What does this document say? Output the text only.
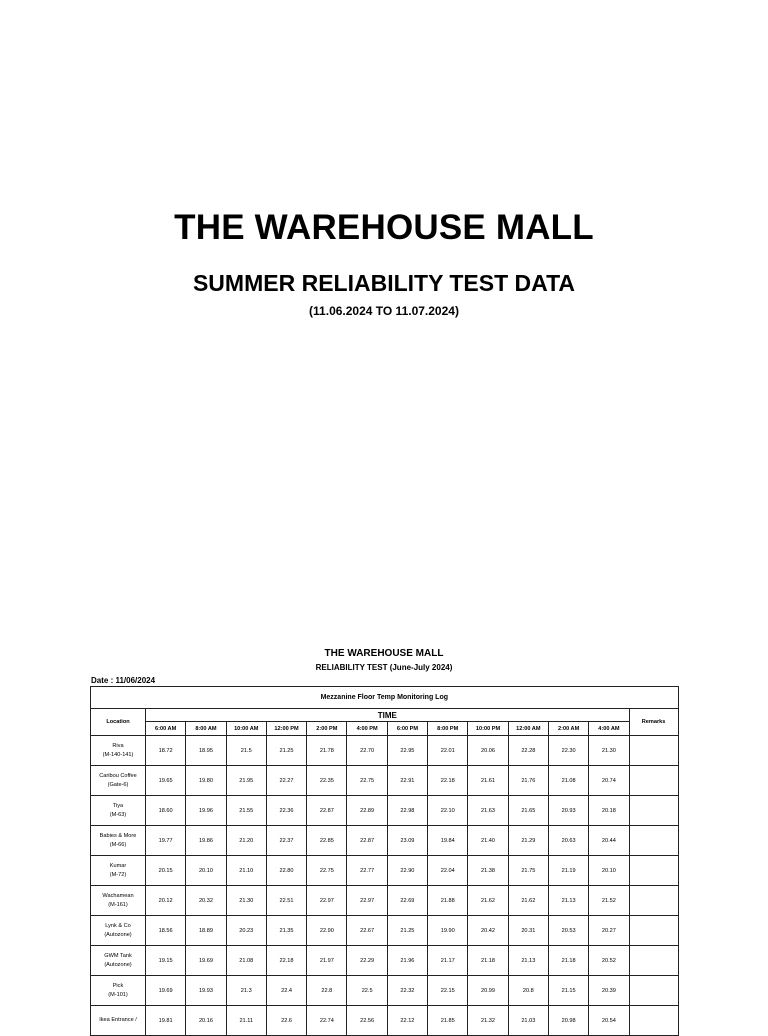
THE WAREHOUSE MALL
SUMMER RELIABILITY TEST DATA
(11.06.2024 TO 11.07.2024)
THE WAREHOUSE MALL
RELIABILITY TEST (June-July 2024)
Date : 11/06/2024
Mezzanine Floor Temp Monitoring Log													
Location	TIME												Remarks
	6:00 AM	8:00 AM	10:00 AM	12:00 PM	2:00 PM	4:00 PM	6:00 PM	8:00 PM	10:00 PM	12:00 AM	2:00 AM	4:00 AM	

Riva
(M-140-141)	18.72	18.95	21.5	21.25	21.78	22.70	22.95	22.01	20.06	22.28	22.30	21.30	

Caribou Coffee
(Gate-6)	19.65	19.80	21.95	22.27	22.35	22.75	22.91	22.18	21.61	21.76	21.08	20.74	

Tiya
(M-63)	18.60	19.96	21.55	22.36	22.87	22.89	22.98	22.10	21.63	21.65	20.93	20.18	

Babies & More
(M-66)	19.77	19.86	21.20	22.37	22.85	22.87	23.09	19.84	21.40	21.29	20.63	20.44	

Kumar
(M-72)	20.15	20.10	21.10	22.80	22.75	22.77	22.90	22.04	21.38	21.75	21.19	20.10	

Wachamean
(M-161)	20.12	20.32	21.30	22.51	22.97	22.97	22.69	21.88	21.62	21.62	21.13	21.52	

Lynk & Co
(Autozone)	18.56	18.89	20.23	21.35	22.90	22.67	21.25	19.90	20.42	20.31	20.53	20.27	

GWM Tank
(Autozone)	19.15	19.69	21.08	22.18	21.97	22.29	21.96	21.17	21.18	21.13	21.18	20.52	

Pick
(M-101)	19.69	19.93	21.3	22.4	22.8	22.5	22.32	22.15	20.99	20.8	21.15	20.39	

Ikea Entrance /	19.81	20.16	21.11	22.6	22.74	22.56	22.12	21.85	21.32	21.03	20.98	20.54	
